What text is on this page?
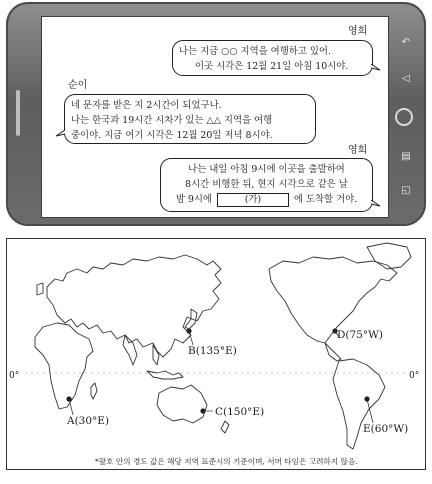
영희
나는 지금 ○○ 지역을 여행하고 있어.
이곳 시각은 12월 21일 아침 10시야.
순이
네 문자를 받은 지 2시간이 되었구나.
나는 한국과 19시간 시차가 있는 △△ 지역을 여행
중이야. 지금 여기 시각은 12월 20일 저녁 8시야.
영희
나는 내일 아침 9시에 이곳을 출발하여
8시간 비행한 뒤, 현지 시각으로 같은 날
밤 9시에	(가)	에 도착할 거야.
↶
◁
▤
◱
0°	0°
A(30°E)
B(135°E)
C(150°E)
D(75°W)
E(60°W)
*괄호 안의 경도 값은 해당 지역 표준시의 기준이며, 서머 타임은 고려하지 않음.
